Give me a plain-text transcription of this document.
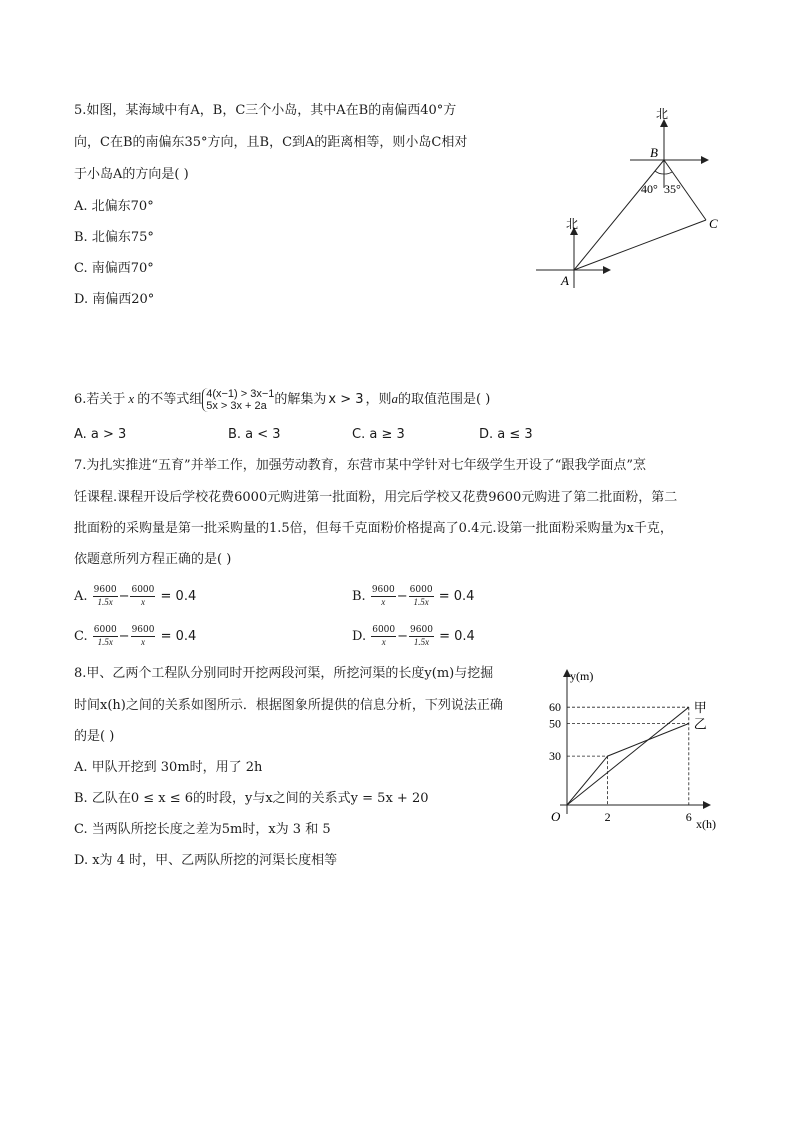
5.如图，某海域中有A，B，C三个小岛，其中A在B的南偏西40°方
向，C在B的南偏东35°方向，且B，C到A的距离相等，则小岛C相对
于小岛A的方向是( )
A. 北偏东70°
B. 北偏东75°
C. 南偏西70°
D. 南偏西20°
北
北
B
A
C
40° 35°
6.若关于 x 的不等式组 4(x−1) > 3x−1
5x > 3x + 2a 的解集为 x > 3 ，则a的取值范围是( )
A. a > 3	B. a < 3	C. a ≥ 3	D. a ≤ 3
7.为扎实推进“五育”并举工作，加强劳动教育，东营市某中学针对七年级学生开设了“跟我学面点”烹
饪课程.课程开设后学校花费6000元购进第一批面粉，用完后学校又花费9600元购进了第二批面粉，第二
批面粉的采购量是第一批采购量的1.5倍，但每千克面粉价格提高了0.4元.设第一批面粉采购量为x千克，
依题意所列方程正确的是( )
A. $\frac{9600}{1.5x} - \frac{6000}{x} = 0.4$	B. $\frac{9600}{x} - \frac{6000}{1.5x} = 0.4$
C. $\frac{6000}{1.5x} - \frac{9600}{x} = 0.4$	D. $\frac{6000}{x} - \frac{9600}{1.5x} = 0.4$
8.甲、乙两个工程队分别同时开挖两段河渠，所挖河渠的长度y(m)与挖掘
时间x(h)之间的关系如图所示．根据图象所提供的信息分析，下列说法正确
的是( )
A. 甲队开挖到 30m时，用了 2h
B. 乙队在0 ≤ x ≤ 6的时段，y与x之间的关系式y = 5x + 20
C. 当两队所挖长度之差为5m时，x为 3 和 5
D. x为 4 时，甲、乙两队所挖的河渠长度相等
y(m)
x(h)
O
30
50
60
2	6
甲
乙
